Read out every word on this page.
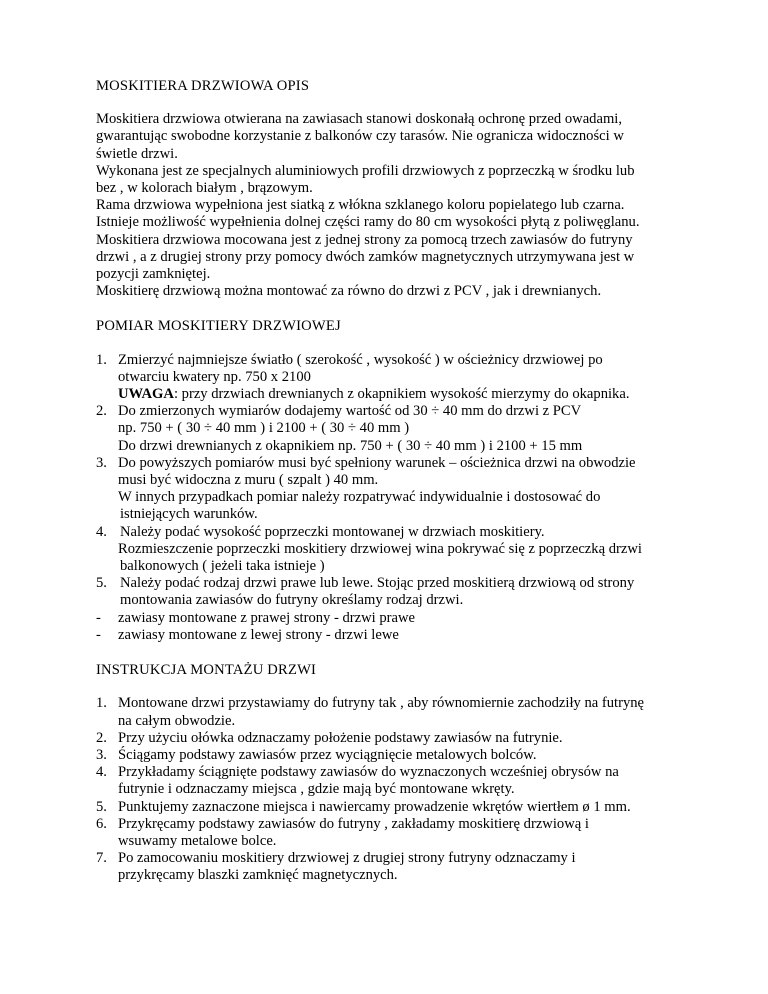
MOSKITIERA DRZWIOWA OPIS
Moskitiera drzwiowa otwierana na zawiasach stanowi doskonałą ochronę przed owadami,
gwarantując swobodne korzystanie z balkonów czy tarasów. Nie ogranicza widoczności w
świetle drzwi.
Wykonana jest ze specjalnych aluminiowych profili drzwiowych z poprzeczką w środku lub
bez , w kolorach białym , brązowym.
Rama drzwiowa wypełniona jest siatką z włókna szklanego koloru popielatego lub czarna.
Istnieje możliwość wypełnienia dolnej części ramy do 80 cm wysokości płytą z poliwęglanu.
Moskitiera drzwiowa mocowana jest z jednej strony za pomocą trzech zawiasów do futryny
drzwi , a z drugiej strony przy pomocy dwóch zamków magnetycznych utrzymywana jest w
pozycji zamkniętej.
Moskitierę drzwiową można montować za równo do drzwi z PCV , jak i drewnianych.
POMIAR MOSKITIERY DRZWIOWEJ
1. Zmierzyć najmniejsze światło ( szerokość , wysokość ) w ościeżnicy drzwiowej po
otwarciu kwatery np. 750 x 2100
UWAGA: przy drzwiach drewnianych z okapnikiem wysokość mierzymy do okapnika.
2. Do zmierzonych wymiarów dodajemy wartość od 30 ÷ 40 mm do drzwi z PCV
np. 750 + ( 30 ÷ 40 mm ) i 2100 + ( 30 ÷ 40 mm )
Do drzwi drewnianych z okapnikiem np. 750 + ( 30 ÷ 40 mm ) i 2100 + 15 mm
3. Do powyższych pomiarów musi być spełniony warunek – ościeżnica drzwi na obwodzie
musi być widoczna z muru ( szpalt ) 40 mm.
W innych przypadkach pomiar należy rozpatrywać indywidualnie i dostosować do
istniejących warunków.
4. Należy podać wysokość poprzeczki montowanej w drzwiach moskitiery.
Rozmieszczenie poprzeczki moskitiery drzwiowej wina pokrywać się z poprzeczką drzwi
balkonowych ( jeżeli taka istnieje )
5. Należy podać rodzaj drzwi prawe lub lewe. Stojąc przed moskitierą drzwiową od strony
montowania zawiasów do futryny określamy rodzaj drzwi.
- zawiasy montowane z prawej strony - drzwi prawe
- zawiasy montowane z lewej strony - drzwi lewe
INSTRUKCJA MONTAŻU DRZWI
1. Montowane drzwi przystawiamy do futryny tak , aby równomiernie zachodziły na futrynę
na całym obwodzie.
2. Przy użyciu ołówka odznaczamy położenie podstawy zawiasów na futrynie.
3. Ściągamy podstawy zawiasów przez wyciągnięcie metalowych bolców.
4. Przykładamy ściągnięte podstawy zawiasów do wyznaczonych wcześniej obrysów na
futrynie i odznaczamy miejsca , gdzie mają być montowane wkręty.
5. Punktujemy zaznaczone miejsca i nawiercamy prowadzenie wkrętów wiertłem ø 1 mm.
6. Przykręcamy podstawy zawiasów do futryny , zakładamy moskitierę drzwiową i
wsuwamy metalowe bolce.
7. Po zamocowaniu moskitiery drzwiowej z drugiej strony futryny odznaczamy i
przykręcamy blaszki zamknięć magnetycznych.
